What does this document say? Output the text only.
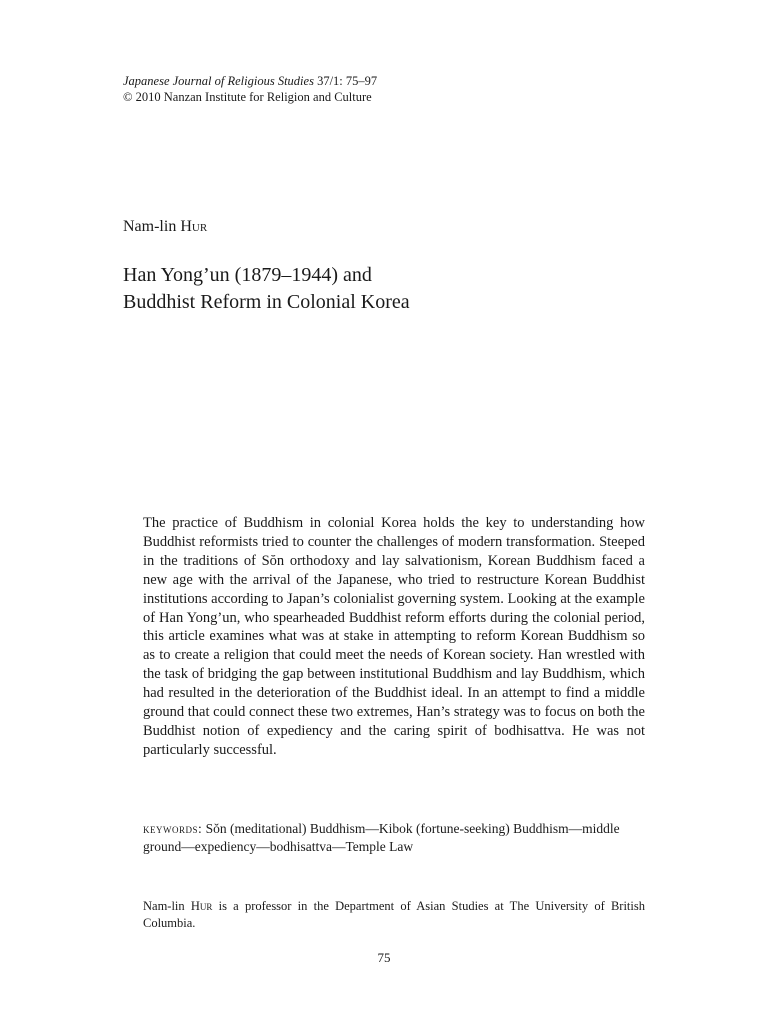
Japanese Journal of Religious Studies 37/1: 75–97
© 2010 Nanzan Institute for Religion and Culture
Nam-lin Hur
Han Yong’un (1879–1944) and
Buddhist Reform in Colonial Korea

The practice of Buddhism in colonial Korea holds the key to understanding how Buddhist reformists tried to counter the challenges of modern transformation. Steeped in the traditions of Sŏn orthodoxy and lay salvationism, Korean Buddhism faced a new age with the arrival of the Japanese, who tried to restructure Korean Buddhist institutions according to Japan’s colonialist governing system. Looking at the example of Han Yong’un, who spearheaded Buddhist reform efforts during the colonial period, this article examines what was at stake in attempting to reform Korean Buddhism so as to create a religion that could meet the needs of Korean society. Han wrestled with the task of bridging the gap between institutional Buddhism and lay Buddhism, which had resulted in the deterioration of the Buddhist ideal. In an attempt to find a middle ground that could connect these two extremes, Han’s strategy was to focus on both the Buddhist notion of expediency and the caring spirit of bodhisattva. He was not particularly successful.

keywords: Sŏn (meditational) Buddhism—Kibok (fortune-seeking) Buddhism—middle ground—expediency—bodhisattva—Temple Law

Nam-lin Hur is a professor in the Department of Asian Studies at The University of British Columbia.

75
